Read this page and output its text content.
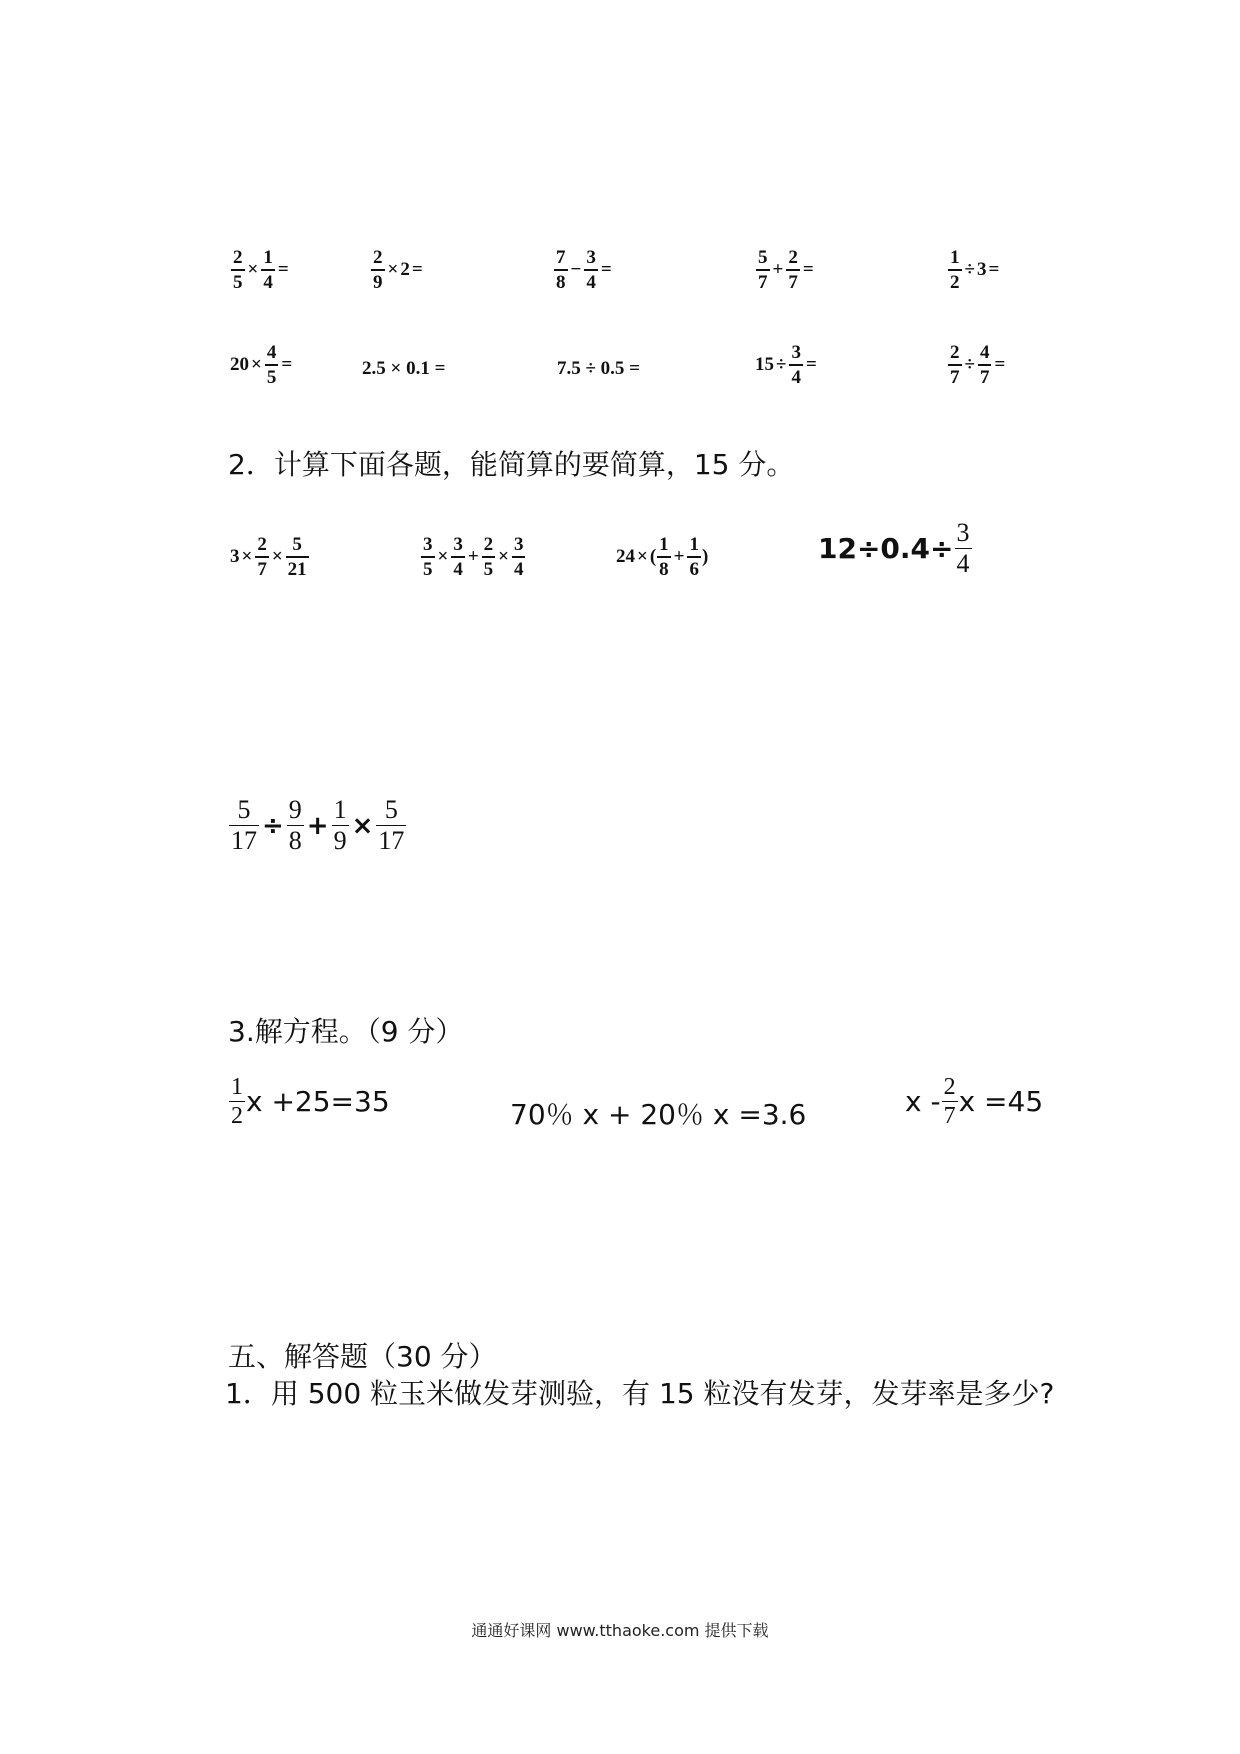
$\frac{2}{5} \times \frac{1}{4}$ =	$\frac{2}{9} \times 2$ =	$\frac{7}{8} - \frac{3}{4}$ =	$\frac{5}{7} + \frac{2}{7}$ =	$\frac{1}{2} \div 3$ =
$20 \times \frac{4}{5}$ =	2.5 × 0.1 =	7.5 ÷ 0.5 =	$15 \div \frac{3}{4}$ =	$\frac{2}{7} \div \frac{4}{7}$ =
2．计算下面各题，能简算的要简算，15 分。
$3 \times \frac{2}{7} \times \frac{5}{21}$	$\frac{3}{5} \times \frac{3}{4} + \frac{2}{5} \times \frac{3}{4}$	24 × ( $\frac{1}{8} + \frac{1}{6}$ )	$12\div 0.4\div \frac{3}{4}$
$\frac{5}{17} \div \frac{9}{8} + \frac{1}{9} \times \frac{5}{17}$
3.解方程。（9 分）
$\frac{1}{2}$ x +25=35	70％ x + 20％ x =3.6	x - $\frac{2}{7}$ x =45
五、解答题（30 分）
1．用 500 粒玉米做发芽测验，有 15 粒没有发芽，发芽率是多少?
通通好课网 www.tthaoke.com 提供下载
